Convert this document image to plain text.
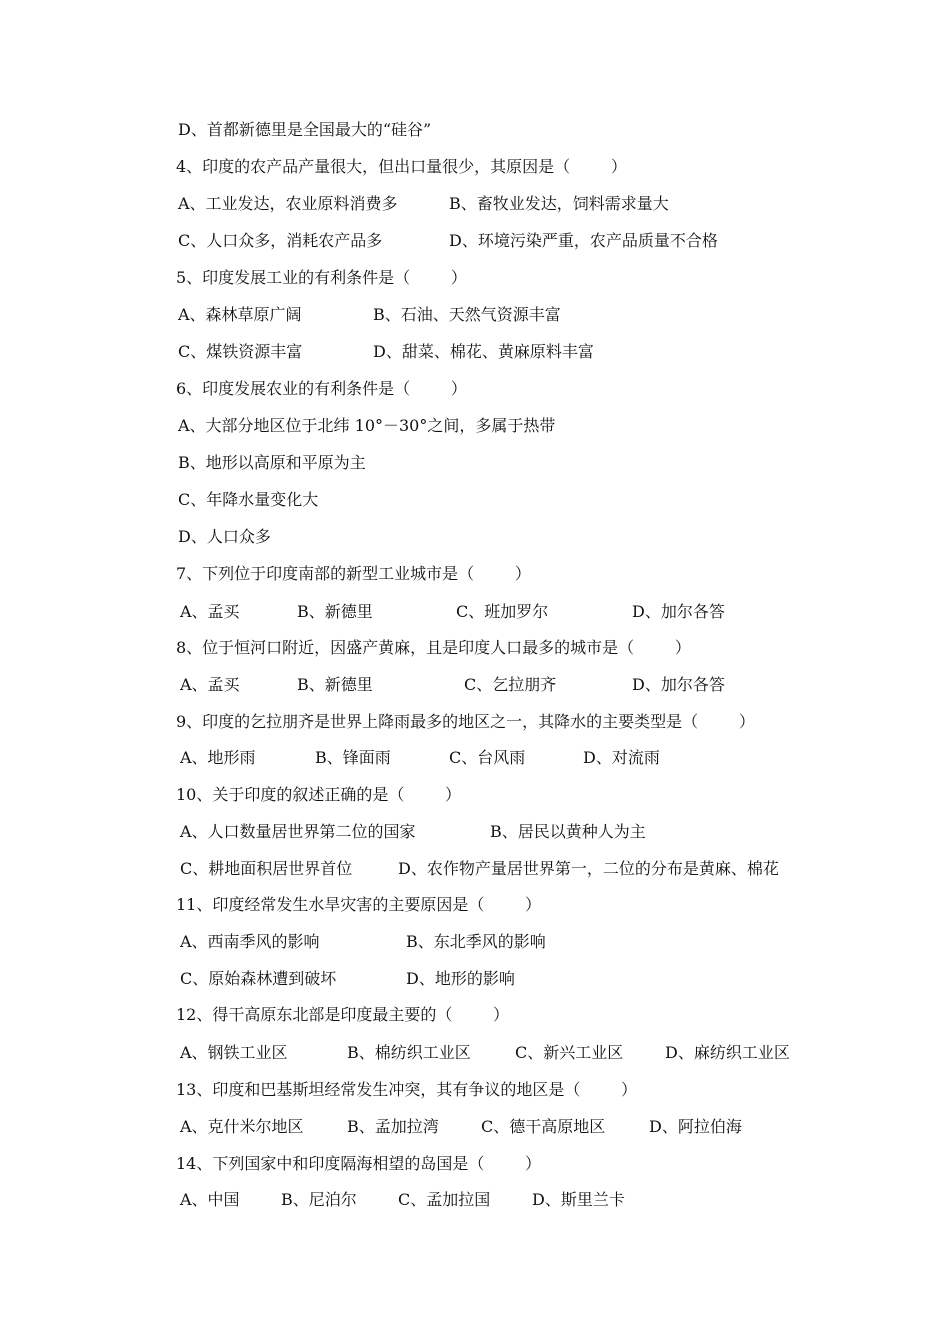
D、首都新德里是全国最大的“硅谷”
4、印度的农产品产量很大，但出口量很少，其原因是（        ）
A、工业发达，农业原料消费多	B、畜牧业发达，饲料需求量大
C、人口众多，消耗农产品多	D、环境污染严重，农产品质量不合格
5、印度发展工业的有利条件是（        ）
A、森林草原广阔	B、石油、天然气资源丰富
C、煤铁资源丰富	D、甜菜、棉花、黄麻原料丰富
6、印度发展农业的有利条件是（        ）
A、大部分地区位于北纬 10°－30°之间，多属于热带
B、地形以高原和平原为主
C、年降水量变化大
D、人口众多
7、下列位于印度南部的新型工业城市是（        ）
A、孟买	B、新德里	C、班加罗尔	D、加尔各答
8、位于恒河口附近，因盛产黄麻，且是印度人口最多的城市是（        ）
A、孟买	B、新德里	C、乞拉朋齐	D、加尔各答
9、印度的乞拉朋齐是世界上降雨最多的地区之一，其降水的主要类型是（        ）
A、地形雨	B、锋面雨	C、台风雨	D、对流雨
10、关于印度的叙述正确的是（        ）
A、人口数量居世界第二位的国家	B、居民以黄种人为主
C、耕地面积居世界首位	D、农作物产量居世界第一，二位的分布是黄麻、棉花
11、印度经常发生水旱灾害的主要原因是（        ）
A、西南季风的影响	B、东北季风的影响
C、原始森林遭到破坏	D、地形的影响
12、得干高原东北部是印度最主要的（        ）
A、钢铁工业区	B、棉纺织工业区	C、新兴工业区	D、麻纺织工业区
13、印度和巴基斯坦经常发生冲突，其有争议的地区是（        ）
A、克什米尔地区	B、孟加拉湾	C、德干高原地区	D、阿拉伯海
14、下列国家中和印度隔海相望的岛国是（        ）
A、中国	B、尼泊尔	C、孟加拉国	D、斯里兰卡
